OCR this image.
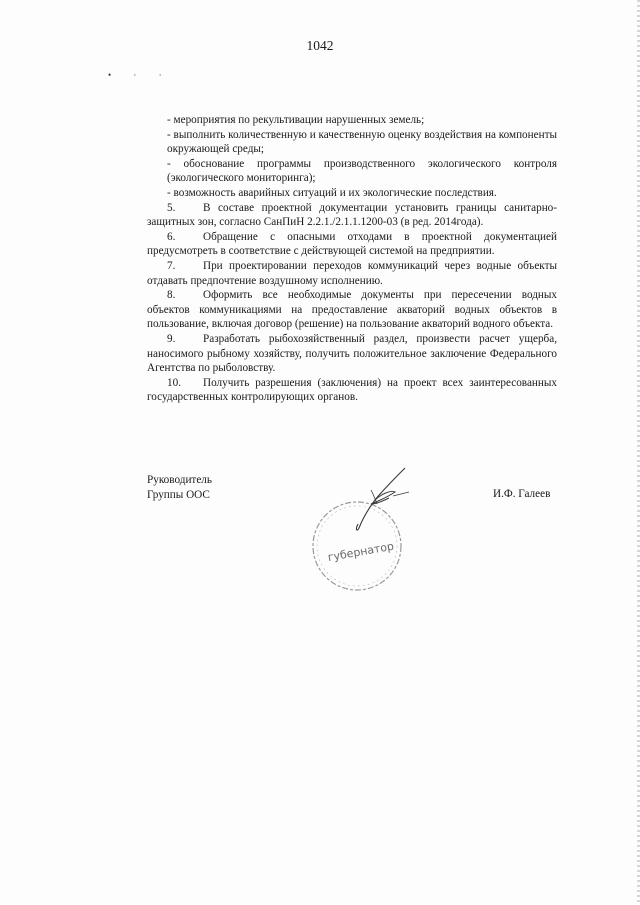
1042
• · ·
- мероприятия по рекультивации нарушенных земель;
- выполнить количественную и качественную оценку воздействия на компоненты окружающей среды;
- обоснование программы производственного экологического контроля (экологического мониторинга);
- возможность аварийных ситуаций и их экологические последствия.
5. В составе проектной документации установить границы санитарно-защитных зон, согласно СанПиН 2.2.1./2.1.1.1200-03 (в ред. 2014года).
6. Обращение с опасными отходами в проектной документацией предусмотреть в соответствие с действующей системой на предприятии.
7. При проектировании переходов коммуникаций через водные объекты отдавать предпочтение воздушному исполнению.
8. Оформить все необходимые документы при пересечении водных объектов коммуникациями на предоставление акваторий водных объектов в пользование, включая договор (решение) на пользование акваторий водного объекта.
9. Разработать рыбохозяйственный раздел, произвести расчет ущерба, наносимого рыбному хозяйству, получить положительное заключение Федерального Агентства по рыболовству.
10. Получить разрешения (заключения) на проект всех заинтересованных государственных контролирующих органов.
Руководитель
Группы ООС	И.Ф. Галеев
губернатор
